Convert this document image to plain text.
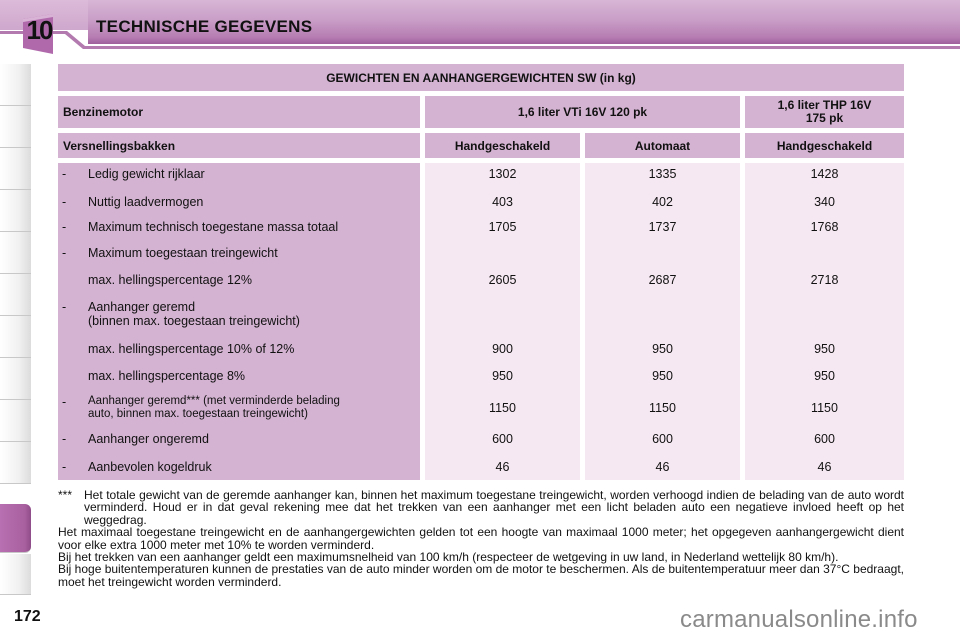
10	TECHNISCHE GEGEVENS
172
GEWICHTEN EN AANHANGERGEWICHTEN SW (in kg)
Benzinemotor	1,6 liter VTi 16V 120 pk	1,6 liter THP 16V
175 pk
Versnellingsbakken	Handgeschakeld	Automaat	Handgeschakeld
- Ledig gewicht rijklaar	1302	1335	1428
- Nuttig laadvermogen	403	402	340
- Maximum technisch toegestane massa totaal	1705	1737	1768
- Maximum toegestaan treingewicht
max. hellingspercentage 12%	2605	2687	2718
- Aanhanger geremd
(binnen max. toegestaan treingewicht)
max. hellingspercentage 10% of 12%	900	950	950
max. hellingspercentage 8%	950	950	950
- Aanhanger geremd*** (met verminderde belading
auto, binnen max. toegestaan treingewicht)	1150	1150	1150
- Aanhanger ongeremd	600	600	600
- Aanbevolen kogeldruk	46	46	46
*** Het totale gewicht van de geremde aanhanger kan, binnen het maximum toegestane treingewicht, worden verhoogd indien de belading van de auto wordt verminderd. Houd er in dat geval rekening mee dat het trekken van een aanhanger met een licht beladen auto een negatieve invloed heeft op het weggedrag.

Het maximaal toegestane treingewicht en de aanhangergewichten gelden tot een hoogte van maximaal 1000 meter; het opgegeven aanhangergewicht dient voor elke extra 1000 meter met 10% te worden verminderd.

Bij het trekken van een aanhanger geldt een maximumsnelheid van 100 km/h (respecteer de wetgeving in uw land, in Nederland wettelijk 80 km/h).

Bij hoge buitentemperaturen kunnen de prestaties van de auto minder worden om de motor te beschermen. Als de buitentemperatuur meer dan 37°C bedraagt, moet het treingewicht worden verminderd.

carmanualsonline.info
